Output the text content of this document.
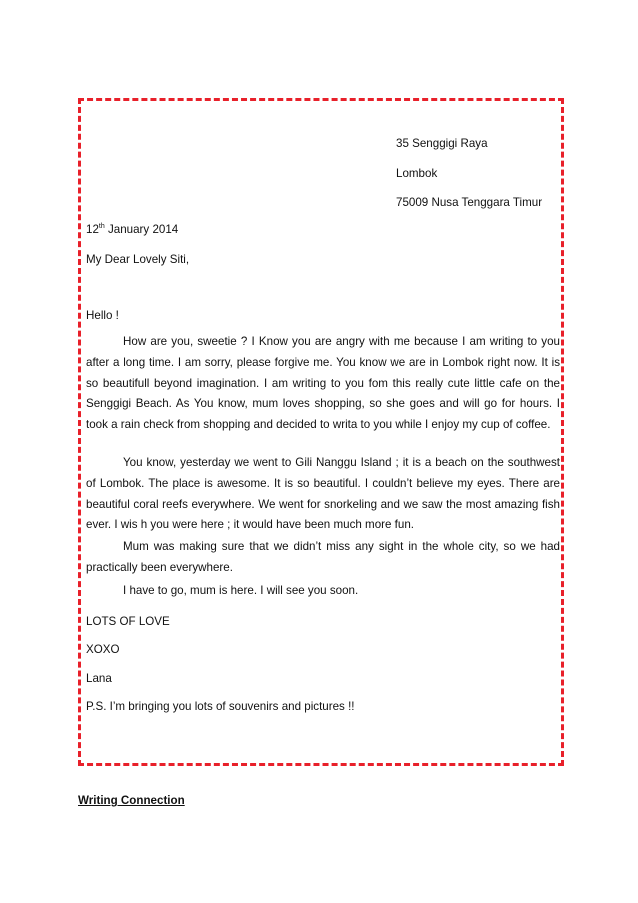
35 Senggigi Raya
Lombok
75009 Nusa Tenggara Timur
12th January 2014
My Dear Lovely Siti,
Hello !

How are you, sweetie ? I Know you are angry with me because I am writing to you after a long time. I am sorry, please forgive me. You know we are in Lombok right now. It is so beautifull beyond imagination. I am writing to you fom this really cute little cafe on the Senggigi Beach. As You know, mum loves shopping, so she goes and will go for hours. I took a rain check from shopping and decided to writa to you while I enjoy my cup of coffee.

You know, yesterday we went to Gili Nanggu Island ; it is a beach on the southwest of Lombok. The place is awesome. It is so beautiful. I couldn’t believe my eyes. There are beautiful coral reefs everywhere. We went for snorkeling and we saw the most amazing fish ever. I wis h you were here ; it would have been much more fun.

Mum was making sure that we didn’t miss any sight in the whole city, so we had practically been everywhere.

I have to go, mum is here. I will see you soon.

LOTS OF LOVE
XOXO
Lana
P.S. I’m bringing you lots of souvenirs and pictures !!
Writing Connection
